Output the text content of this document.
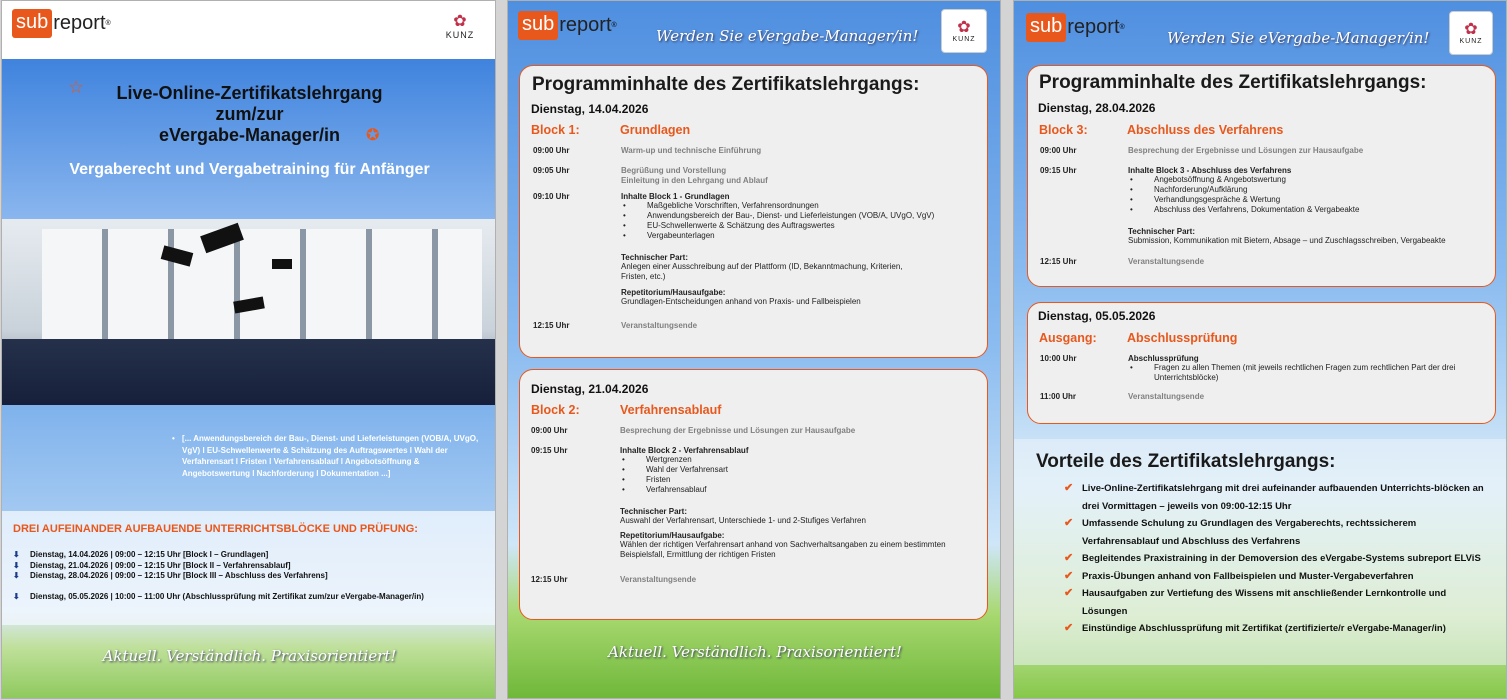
sub report ®	✿
KUNZ
☆	Live-Online-Zertifikatslehrgang
zum/zur
eVergabe-Manager/in	✪
Vergaberecht und Vergabetraining für Anfänger
• [... Anwendungsbereich der Bau-, Dienst- und Lieferleistungen (VOB/A, UVgO, VgV) l EU-Schwellenwerte & Schätzung des Auftragswertes l Wahl der Verfahrensart l Fristen l Verfahrensablauf l Angebotsöffnung & Angebotswertung l Nachforderung l Dokumentation ...]
DREI AUFEINANDER AUFBAUENDE UNTERRICHTSBLÖCKE UND PRÜFUNG:
⬇ Dienstag, 14.04.2026 | 09:00 – 12:15 Uhr [Block I – Grundlagen]
⬇ Dienstag, 21.04.2026 | 09:00 – 12:15 Uhr [Block II – Verfahrensablauf]
⬇ Dienstag, 28.04.2026 | 09:00 – 12:15 Uhr [Block III – Abschluss des Verfahrens]
⬇ Dienstag, 05.05.2026 | 10:00 – 11:00 Uhr (Abschlussprüfung mit Zertifikat zum/zur eVergabe-Manager/in)
Aktuell. Verständlich. Praxisorientiert!
sub report ®
Werden Sie eVergabe-Manager/in! ✿
KUNZ
Programminhalte des Zertifikatslehrgangs:
Dienstag, 14.04.2026
Block 1:	Grundlagen
09:00 Uhr	Warm-up und technische Einführung
09:05 Uhr	Begrüßung und Vorstellung
Einleitung in den Lehrgang und Ablauf
09:10 Uhr	Inhalte Block 1 - Grundlagen
• Maßgebliche Vorschriften, Verfahrensordnungen
• Anwendungsbereich der Bau-, Dienst- und Lieferleistungen (VOB/A, UVgO, VgV)
• EU-Schwellenwerte & Schätzung des Auftragswertes
• Vergabeunterlagen
Technischer Part:
Anlegen einer Ausschreibung auf der Plattform (ID, Bekanntmachung, Kriterien, Fristen, etc.)
Repetitorium/Hausaufgabe:
Grundlagen-Entscheidungen anhand von Praxis- und Fallbeispielen
12:15 Uhr	Veranstaltungsende
Dienstag, 21.04.2026
Block 2:	Verfahrensablauf
09:00 Uhr	Besprechung der Ergebnisse und Lösungen zur Hausaufgabe
09:15 Uhr	Inhalte Block 2 - Verfahrensablauf
• Wertgrenzen
• Wahl der Verfahrensart
• Fristen
• Verfahrensablauf
Technischer Part:
Auswahl der Verfahrensart, Unterschiede 1- und 2-Stufiges Verfahren
Repetitorium/Hausaufgabe:
Wählen der richtigen Verfahrensart anhand von Sachverhaltsangaben zu einem bestimmten Beispielsfall, Ermittlung der richtigen Fristen
12:15 Uhr	Veranstaltungsende
Aktuell. Verständlich. Praxisorientiert!
sub report ®
Werden Sie eVergabe-Manager/in! ✿
KUNZ
Programminhalte des Zertifikatslehrgangs:
Dienstag, 28.04.2026
Block 3:	Abschluss des Verfahrens
09:00 Uhr	Besprechung der Ergebnisse und Lösungen zur Hausaufgabe
09:15 Uhr	Inhalte Block 3 - Abschluss des Verfahrens
• Angebotsöffnung & Angebotswertung
• Nachforderung/Aufklärung
• Verhandlungsgespräche & Wertung
• Abschluss des Verfahrens, Dokumentation & Vergabeakte
Technischer Part:
Submission, Kommunikation mit Bietern, Absage – und Zuschlagsschreiben, Vergabeakte
12:15 Uhr	Veranstaltungsende
Dienstag, 05.05.2026
Ausgang: Abschlussprüfung
10:00 Uhr	Abschlussprüfung
• Fragen zu allen Themen (mit jeweils rechtlichen Fragen zum rechtlichen Part der drei Unterrichtsblöcke)
11:00 Uhr	Veranstaltungsende
Vorteile des Zertifikatslehrgangs:
✔ Live-Online-Zertifikatslehrgang mit drei aufeinander aufbauenden Unterrichts-blöcken an drei Vormittagen – jeweils von 09:00-12:15 Uhr
✔ Umfassende Schulung zu Grundlagen des Vergaberechts, rechtssicherem Verfahrensablauf und Abschluss des Verfahrens
✔ Begleitendes Praxistraining in der Demoversion des eVergabe-Systems subreport ELViS
✔ Praxis-Übungen anhand von Fallbeispielen und Muster-Vergabeverfahren
✔ Hausaufgaben zur Vertiefung des Wissens mit anschließender Lernkontrolle und Lösungen
✔ Einstündige Abschlussprüfung mit Zertifikat (zertifizierte/r eVergabe-Manager/in)
